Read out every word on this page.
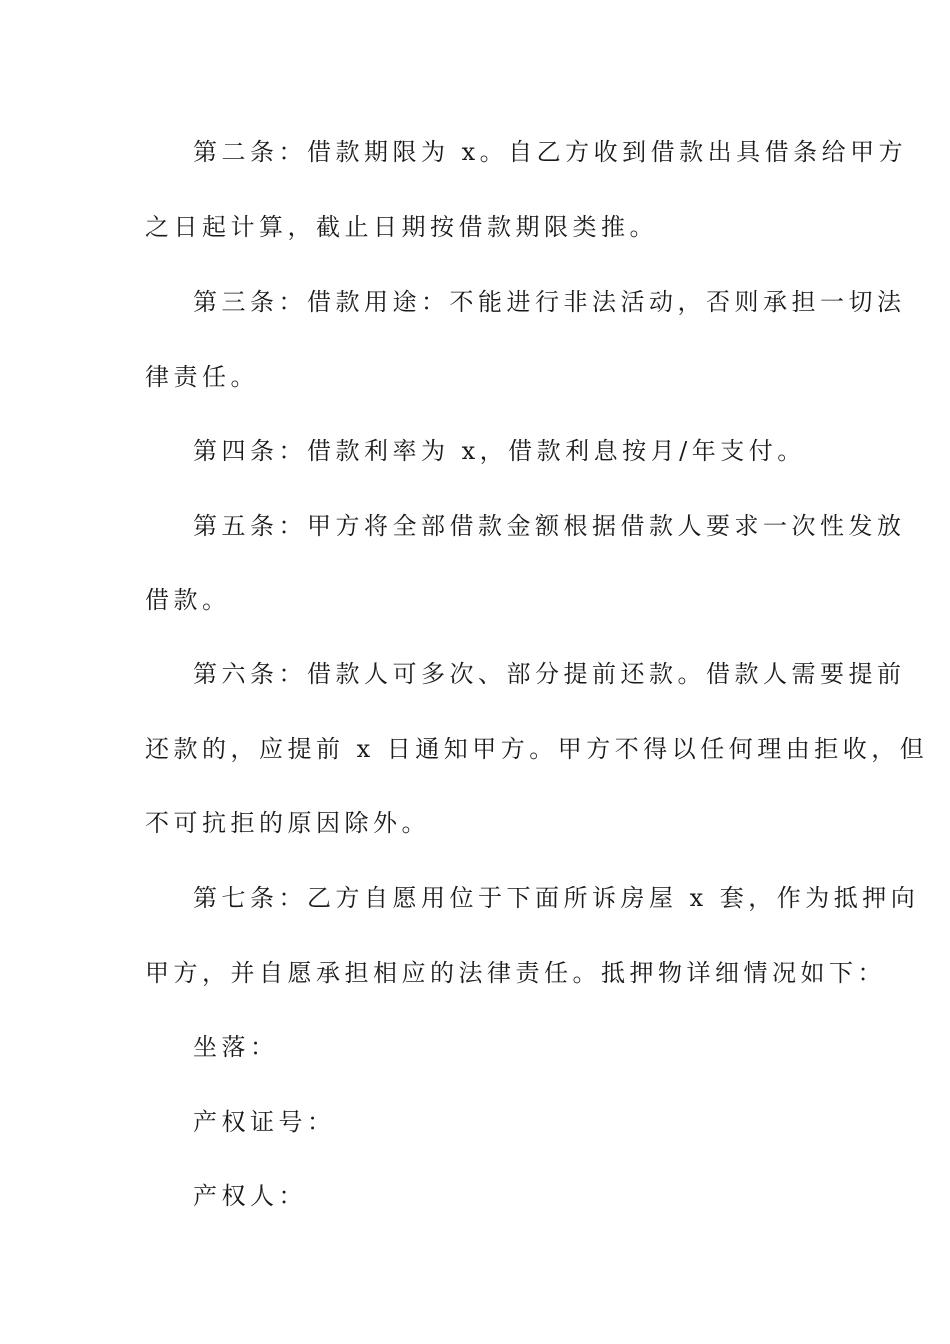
第二条：借款期限为 x。自乙方收到借款出具借条给甲方
之日起计算，截止日期按借款期限类推。
第三条：借款用途：不能进行非法活动，否则承担一切法
律责任。
第四条：借款利率为 x，借款利息按月/年支付。
第五条：甲方将全部借款金额根据借款人要求一次性发放
借款。
第六条：借款人可多次、部分提前还款。借款人需要提前
还款的，应提前 x 日通知甲方。甲方不得以任何理由拒收，但
不可抗拒的原因除外。
第七条：乙方自愿用位于下面所诉房屋 x 套，作为抵押向
甲方，并自愿承担相应的法律责任。抵押物详细情况如下：
坐落：
产权证号：
产权人：
